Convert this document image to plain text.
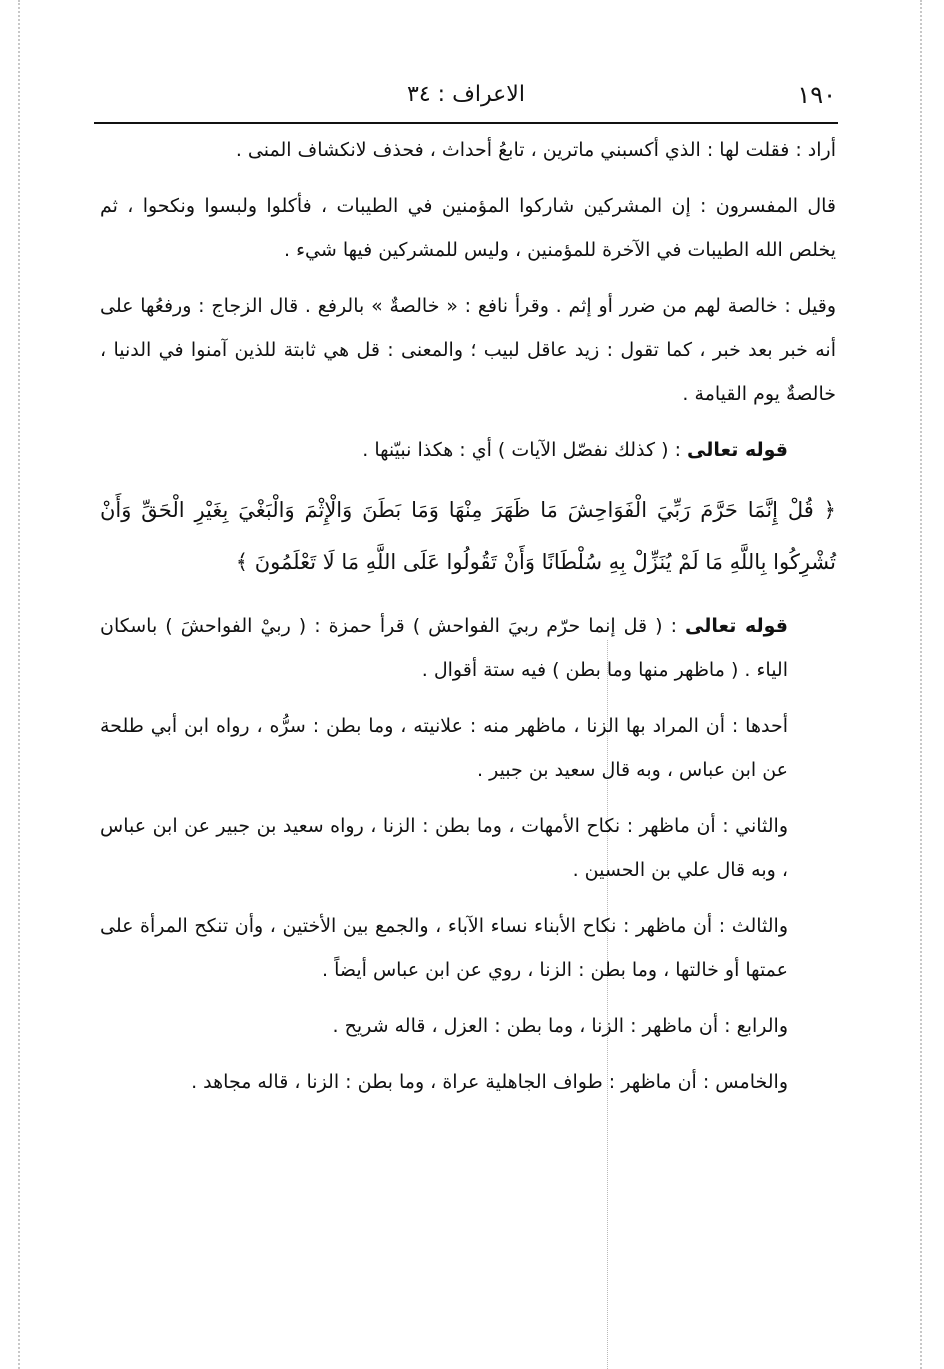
١٩٠
الاعراف : ٣٤

أراد : فقلت لها : الذي أكسبني ماترين ، تابعُ أحداث ، فحذف لانكشاف المنى .

قال المفسرون : إن المشركين شاركوا المؤمنين في الطيبات ، فأكلوا ولبسوا ونكحوا ، ثم يخلص الله الطيبات في الآخرة للمؤمنين ، وليس للمشركين فيها شيء .

وقيل : خالصة لهم من ضرر أو إثم . وقرأ نافع : « خالصةٌ » بالرفع . قال الزجاج : ورفعُها على أنه خبر بعد خبر ، كما تقول : زيد عاقل لبيب ؛ والمعنى : قل هي ثابتة للذين آمنوا في الدنيا ، خالصةٌ يوم القيامة .

قوله تعالى : ( كذلك نفصّل الآيات ) أي : هكذا نبيّنها .

﴿ قُلْ إِنَّمَا حَرَّمَ رَبِّيَ الْفَوَاحِشَ مَا ظَهَرَ مِنْهَا وَمَا بَطَنَ وَالْإِثْمَ وَالْبَغْيَ بِغَيْرِ الْحَقِّ وَأَنْ تُشْرِكُوا بِاللَّهِ مَا لَمْ يُنَزِّلْ بِهِ سُلْطَانًا وَأَنْ تَقُولُوا عَلَى اللَّهِ مَا لَا تَعْلَمُونَ ﴾

قوله تعالى : ( قل إنما حرّم ربيَ الفواحش ) قرأ حمزة : ( ربيْ الفواحشَ ) باسكان الياء . ( ماظهر منها وما بطن ) فيه ستة أقوال .

أحدها : أن المراد بها الزنا ، ماظهر منه : علانيته ، وما بطن : سرُّه ، رواه ابن أبي طلحة عن ابن عباس ، وبه قال سعيد بن جبير .

والثاني : أن ماظهر : نكاح الأمهات ، وما بطن : الزنا ، رواه سعيد بن جبير عن ابن عباس ، وبه قال علي بن الحسين .

والثالث : أن ماظهر : نكاح الأبناء نساء الآباء ، والجمع بين الأختين ، وأن تنكح المرأة على عمتها أو خالتها ، وما بطن : الزنا ، روي عن ابن عباس أيضاً .

والرابع : أن ماظهر : الزنا ، وما بطن : العزل ، قاله شريح .

والخامس : أن ماظهر : طواف الجاهلية عراة ، وما بطن : الزنا ، قاله مجاهد .
